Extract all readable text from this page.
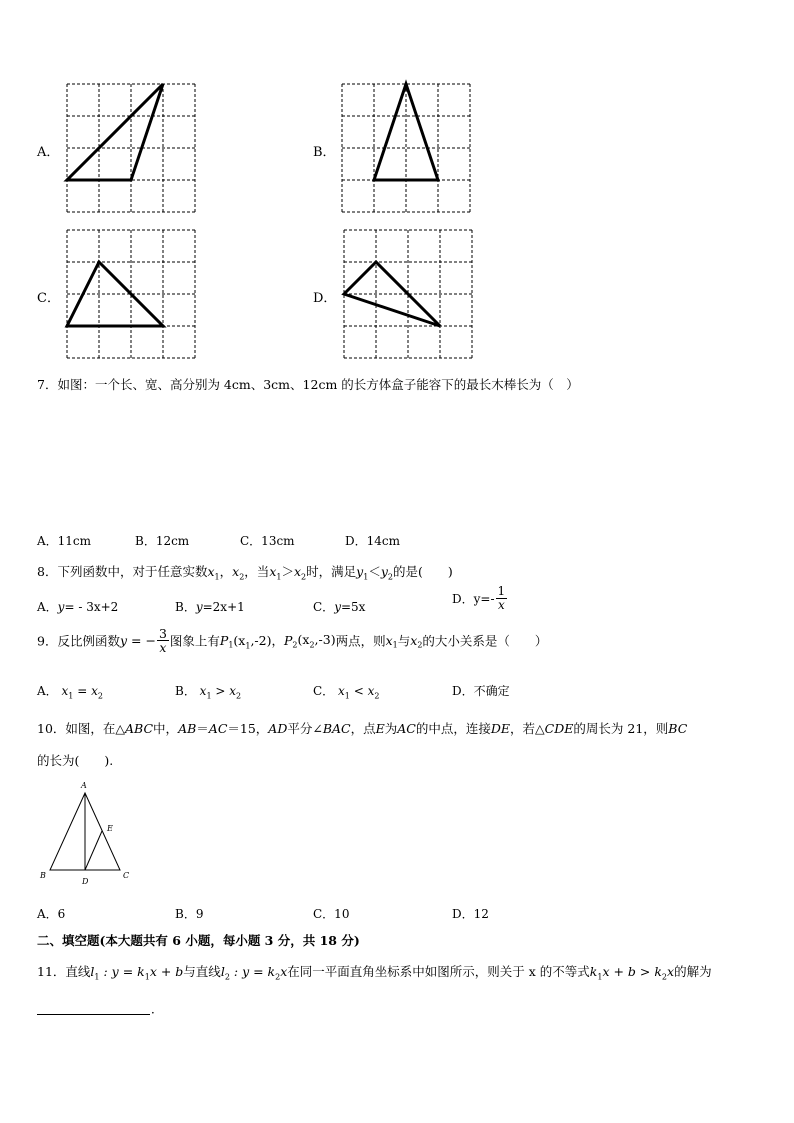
A．	B．
C．	D．
7．如图：一个长、宽、高分别为 4cm、3cm、12cm 的长方体盒子能容下的最长木棒长为（　）
A．11cm	B．12cm	C．13cm	D．14cm
8．下列函数中，对于任意实数$x_1$，$x_2$，当$x_1>x_2$时，满足$y_1<y_2$的是(　　)
A．y= - 3x+2	B．y=2x+1	C．y=5x
D．$y=- \frac{1}{x}$
9．反比例函数y = − $\frac{3}{x}$ 图象上有$P_1(x_1,-2)$，$P_2(x_2,-3)$两点，则$x_1$与$x_2$的大小关系是（　　）
A． $x_1 = x_2$	B． $x_1 > x_2$	C． $x_1 < x_2$	D．不确定
10．如图，在△ABC中，AB＝AC＝15，AD平分∠BAC，点E为AC的中点，连接DE，若△CDE的周长为 21，则BC
的长为(　　).
A
B	C
D
E
A．6	B．9	C．10	D．12
二、填空题(本大题共有 6 小题，每小题 3 分，共 18 分)
11．直线$l_1$ : $y = k_1x + b$与直线$l_2$ : $y = k_2x$在同一平面直角坐标系中如图所示，则关于 x 的不等式$k_1x + b > k_2x$的解为
．
